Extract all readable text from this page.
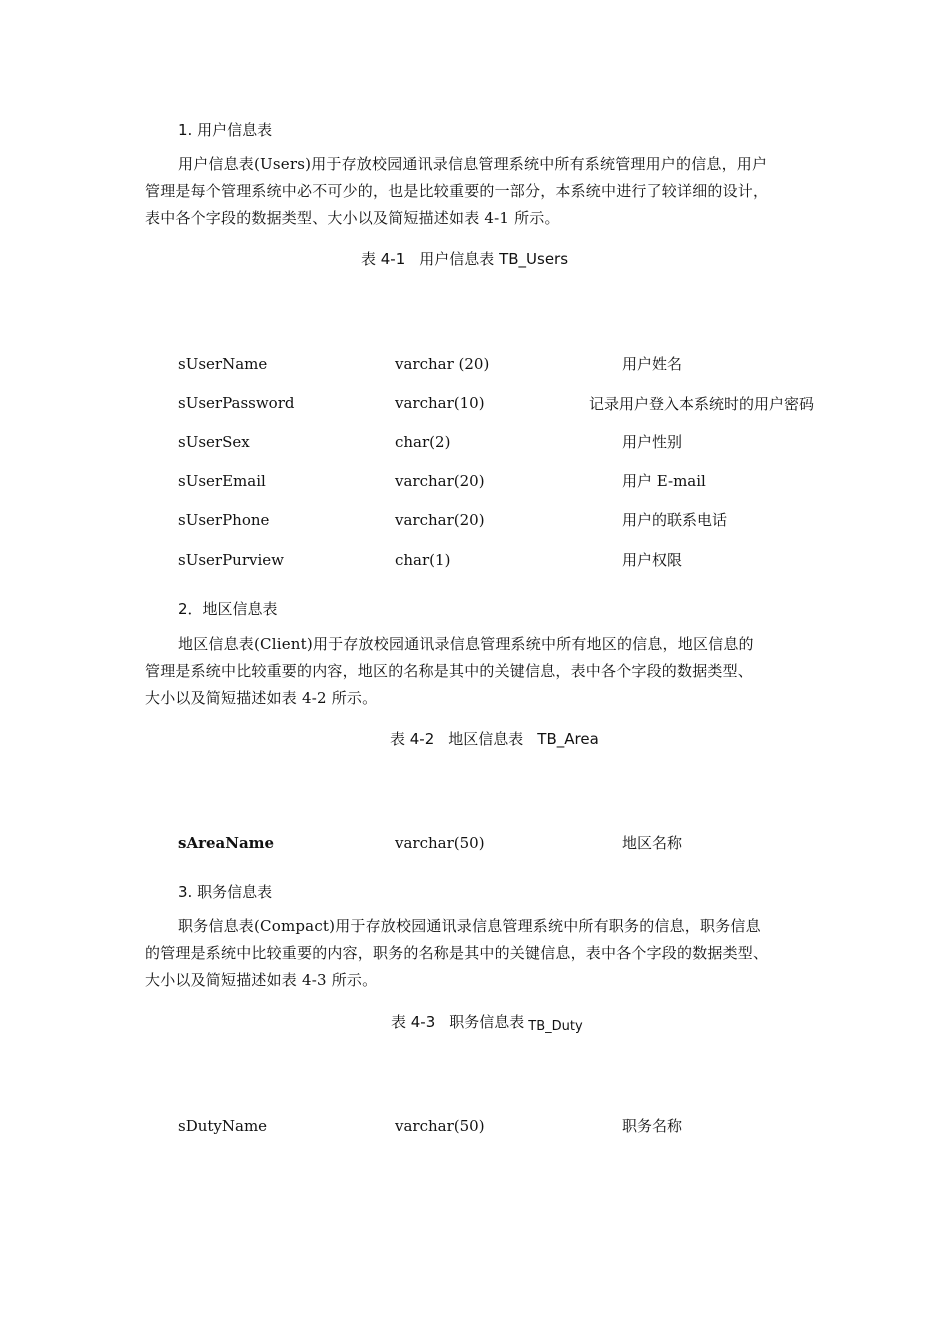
1. 用户信息表
用户信息表(Users)用于存放校园通讯录信息管理系统中所有系统管理用户的信息，用户
管理是每个管理系统中必不可少的，也是比较重要的一部分，本系统中进行了较详细的设计，
表中各个字段的数据类型、大小以及简短描述如表 4-1 所示。
表 4-1 用户信息表 TB_Users
sUserName	varchar (20)	用户姓名
sUserPassword	varchar(10)	记录用户登入本系统时的用户密码
sUserSex	char(2)	用户性别
sUserEmail	varchar(20)	用户 E-mail
sUserPhone	varchar(20)	用户的联系电话
sUserPurview	char(1)	用户权限
2．地区信息表
地区信息表(Client)用于存放校园通讯录信息管理系统中所有地区的信息，地区信息的
管理是系统中比较重要的内容，地区的名称是其中的关键信息，表中各个字段的数据类型、
大小以及简短描述如表 4-2 所示。
表 4-2 地区信息表 TB_Area
sAreaName	varchar(50)	地区名称
3. 职务信息表
职务信息表(Compact)用于存放校园通讯录信息管理系统中所有职务的信息，职务信息
的管理是系统中比较重要的内容，职务的名称是其中的关键信息，表中各个字段的数据类型、
大小以及简短描述如表 4-3 所示。
表 4-3 职务信息表 TB_Duty
sDutyName	varchar(50)	职务名称
